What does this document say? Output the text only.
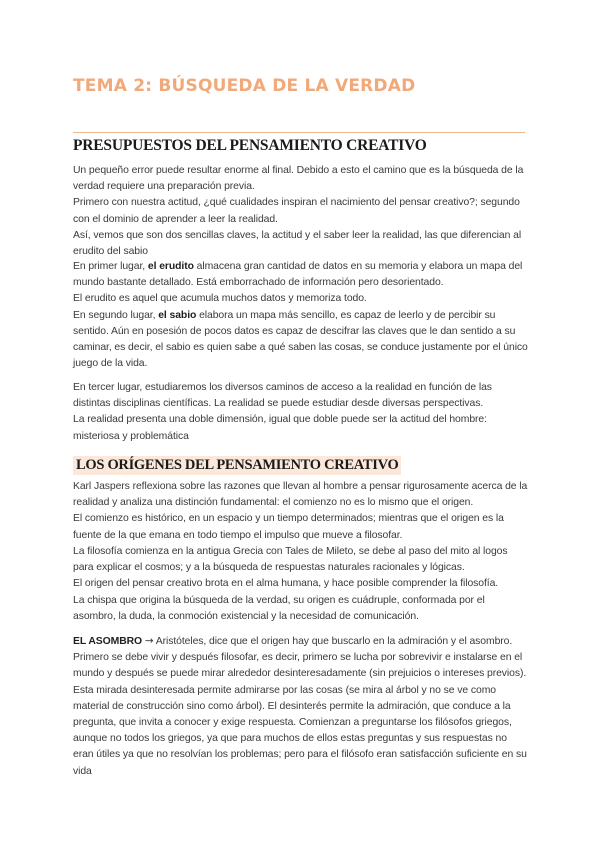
TEMA 2: BÚSQUEDA DE LA VERDAD
PRESUPUESTOS DEL PENSAMIENTO CREATIVO

Un pequeño error puede resultar enorme al final. Debido a esto el camino que es la búsqueda de la verdad requiere una preparación previa.

Primero con nuestra actitud, ¿qué cualidades inspiran el nacimiento del pensar creativo?; segundo con el dominio de aprender a leer la realidad.

Así, vemos que son dos sencillas claves, la actitud y el saber leer la realidad, las que diferencian al erudito del sabio

En primer lugar, el erudito almacena gran cantidad de datos en su memoria y elabora un mapa del mundo bastante detallado. Está emborrachado de información pero desorientado.

El erudito es aquel que acumula muchos datos y memoriza todo.

En segundo lugar, el sabio elabora un mapa más sencillo, es capaz de leerlo y de percibir su sentido. Aún en posesión de pocos datos es capaz de descifrar las claves que le dan sentido a su caminar, es decir, el sabio es quien sabe a qué saben las cosas, se conduce justamente por el único juego de la vida.

En tercer lugar, estudiaremos los diversos caminos de acceso a la realidad en función de las distintas disciplinas científicas. La realidad se puede estudiar desde diversas perspectivas.

La realidad presenta una doble dimensión, igual que doble puede ser la actitud del hombre: misteriosa y problemática

LOS ORÍGENES DEL PENSAMIENTO CREATIVO

Karl Jaspers reflexiona sobre las razones que llevan al hombre a pensar rigurosamente acerca de la realidad y analiza una distinción fundamental: el comienzo no es lo mismo que el origen.

El comienzo es histórico, en un espacio y un tiempo determinados; mientras que el origen es la fuente de la que emana en todo tiempo el impulso que mueve a filosofar.

La filosofía comienza en la antigua Grecia con Tales de Mileto, se debe al paso del mito al logos para explicar el cosmos; y a la búsqueda de respuestas naturales racionales y lógicas.

El origen del pensar creativo brota en el alma humana, y hace posible comprender la filosofía.

La chispa que origina la búsqueda de la verdad, su origen es cuádruple, conformada por el asombro, la duda, la conmoción existencial y la necesidad de comunicación.

EL ASOMBRO → Aristóteles, dice que el origen hay que buscarlo en la admiración y el asombro. Primero se debe vivir y después filosofar, es decir, primero se lucha por sobrevivir e instalarse en el mundo y después se puede mirar alrededor desinteresadamente (sin prejuicios o intereses previos). Esta mirada desinteresada permite admirarse por las cosas (se mira al árbol y no se ve como material de construcción sino como árbol). El desinterés permite la admiración, que conduce a la pregunta, que invita a conocer y exige respuesta. Comienzan a preguntarse los filósofos griegos, aunque no todos los griegos, ya que para muchos de ellos estas preguntas y sus respuestas no eran útiles ya que no resolvían los problemas; pero para el filósofo eran satisfacción suficiente en su vida
